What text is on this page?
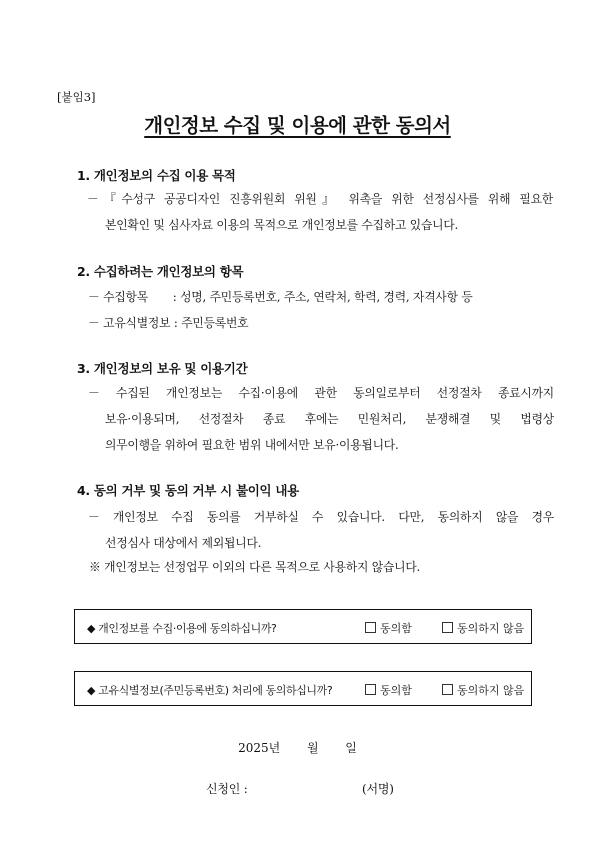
[붙임3]
개인정보 수집 및 이용에 관한 동의서
1. 개인정보의 수집 이용 목적
－『수성구 공공디자인 진흥위원회 위원』 위촉을 위한 선정심사를 위해 필요한
본인확인 및 심사자료 이용의 목적으로 개인정보를 수집하고 있습니다.
2. 수집하려는 개인정보의 항목
－ 수집항목       : 성명, 주민등록번호, 주소, 연락처, 학력, 경력, 자격사항 등
－ 고유식별정보 : 주민등록번호
3. 개인정보의 보유 및 이용기간
－ 수집된 개인정보는 수집·이용에 관한 동의일로부터 선정절차 종료시까지
보유·이용되며, 선정절차 종료 후에는 민원처리, 분쟁해결 및 법령상
의무이행을 위하여 필요한 범위 내에서만 보유·이용됩니다.
4. 동의 거부 및 동의 거부 시 불이익 내용
－ 개인정보 수집 동의를 거부하실 수 있습니다. 다만, 동의하지 않을 경우
선정심사 대상에서 제외됩니다.
※ 개인정보는 선정업무 이외의 다른 목적으로 사용하지 않습니다.
◆ 개인정보를 수집·이용에 동의하십니까?	동의함	동의하지 않음
◆ 고유식별정보(주민등록번호) 처리에 동의하십니까?	동의함	동의하지 않음
2025년       월       일
신청인 :	(서명)
